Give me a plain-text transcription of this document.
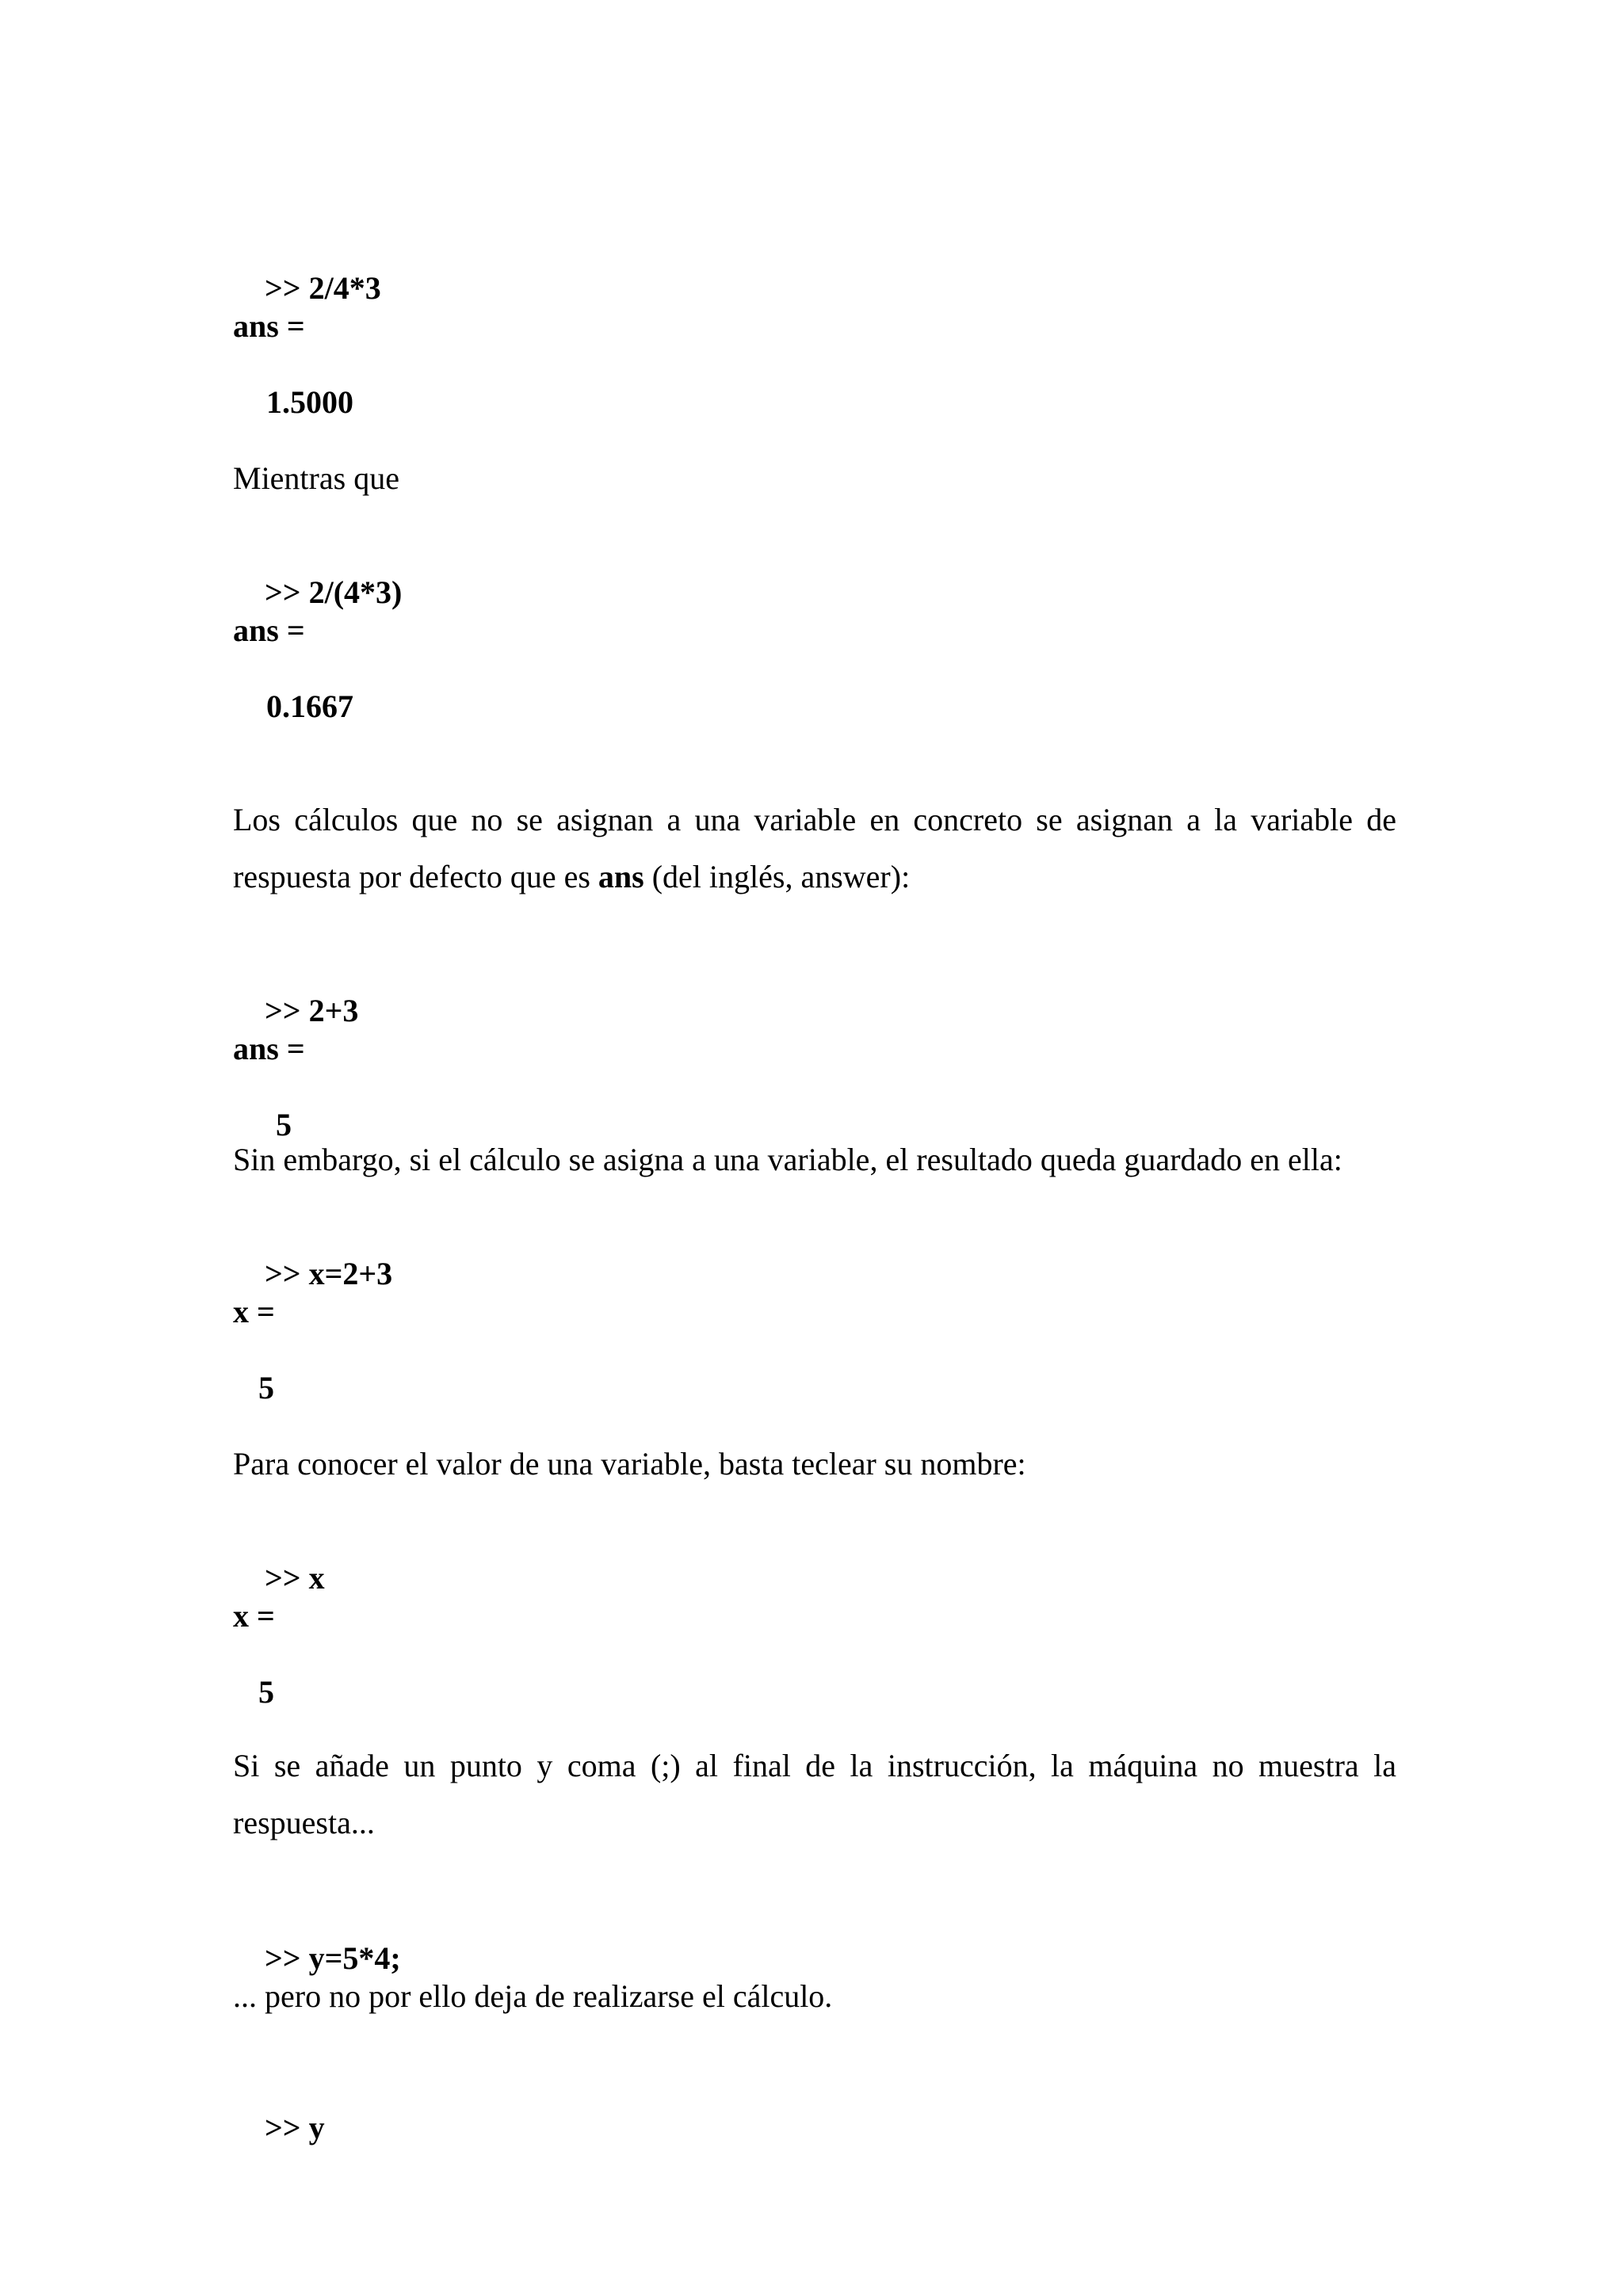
>> 2/4*3

ans =
1.5000
Mientras que

>> 2/(4*3)

ans =
0.1667
Los cálculos que no se asignan a una variable en concreto se asignan a la variable de respuesta por defecto que es ans (del inglés, answer):

>> 2+3

ans =
5
Sin embargo, si el cálculo se asigna a una variable, el resultado queda guardado en ella:

>> x=2+3

x =
5
Para conocer el valor de una variable, basta teclear su nombre:

>> x

x =
5
Si se añade un punto y coma (;) al final de la instrucción, la máquina no muestra la respuesta...

>> y=5*4;

... pero no por ello deja de realizarse el cálculo.

>> y
